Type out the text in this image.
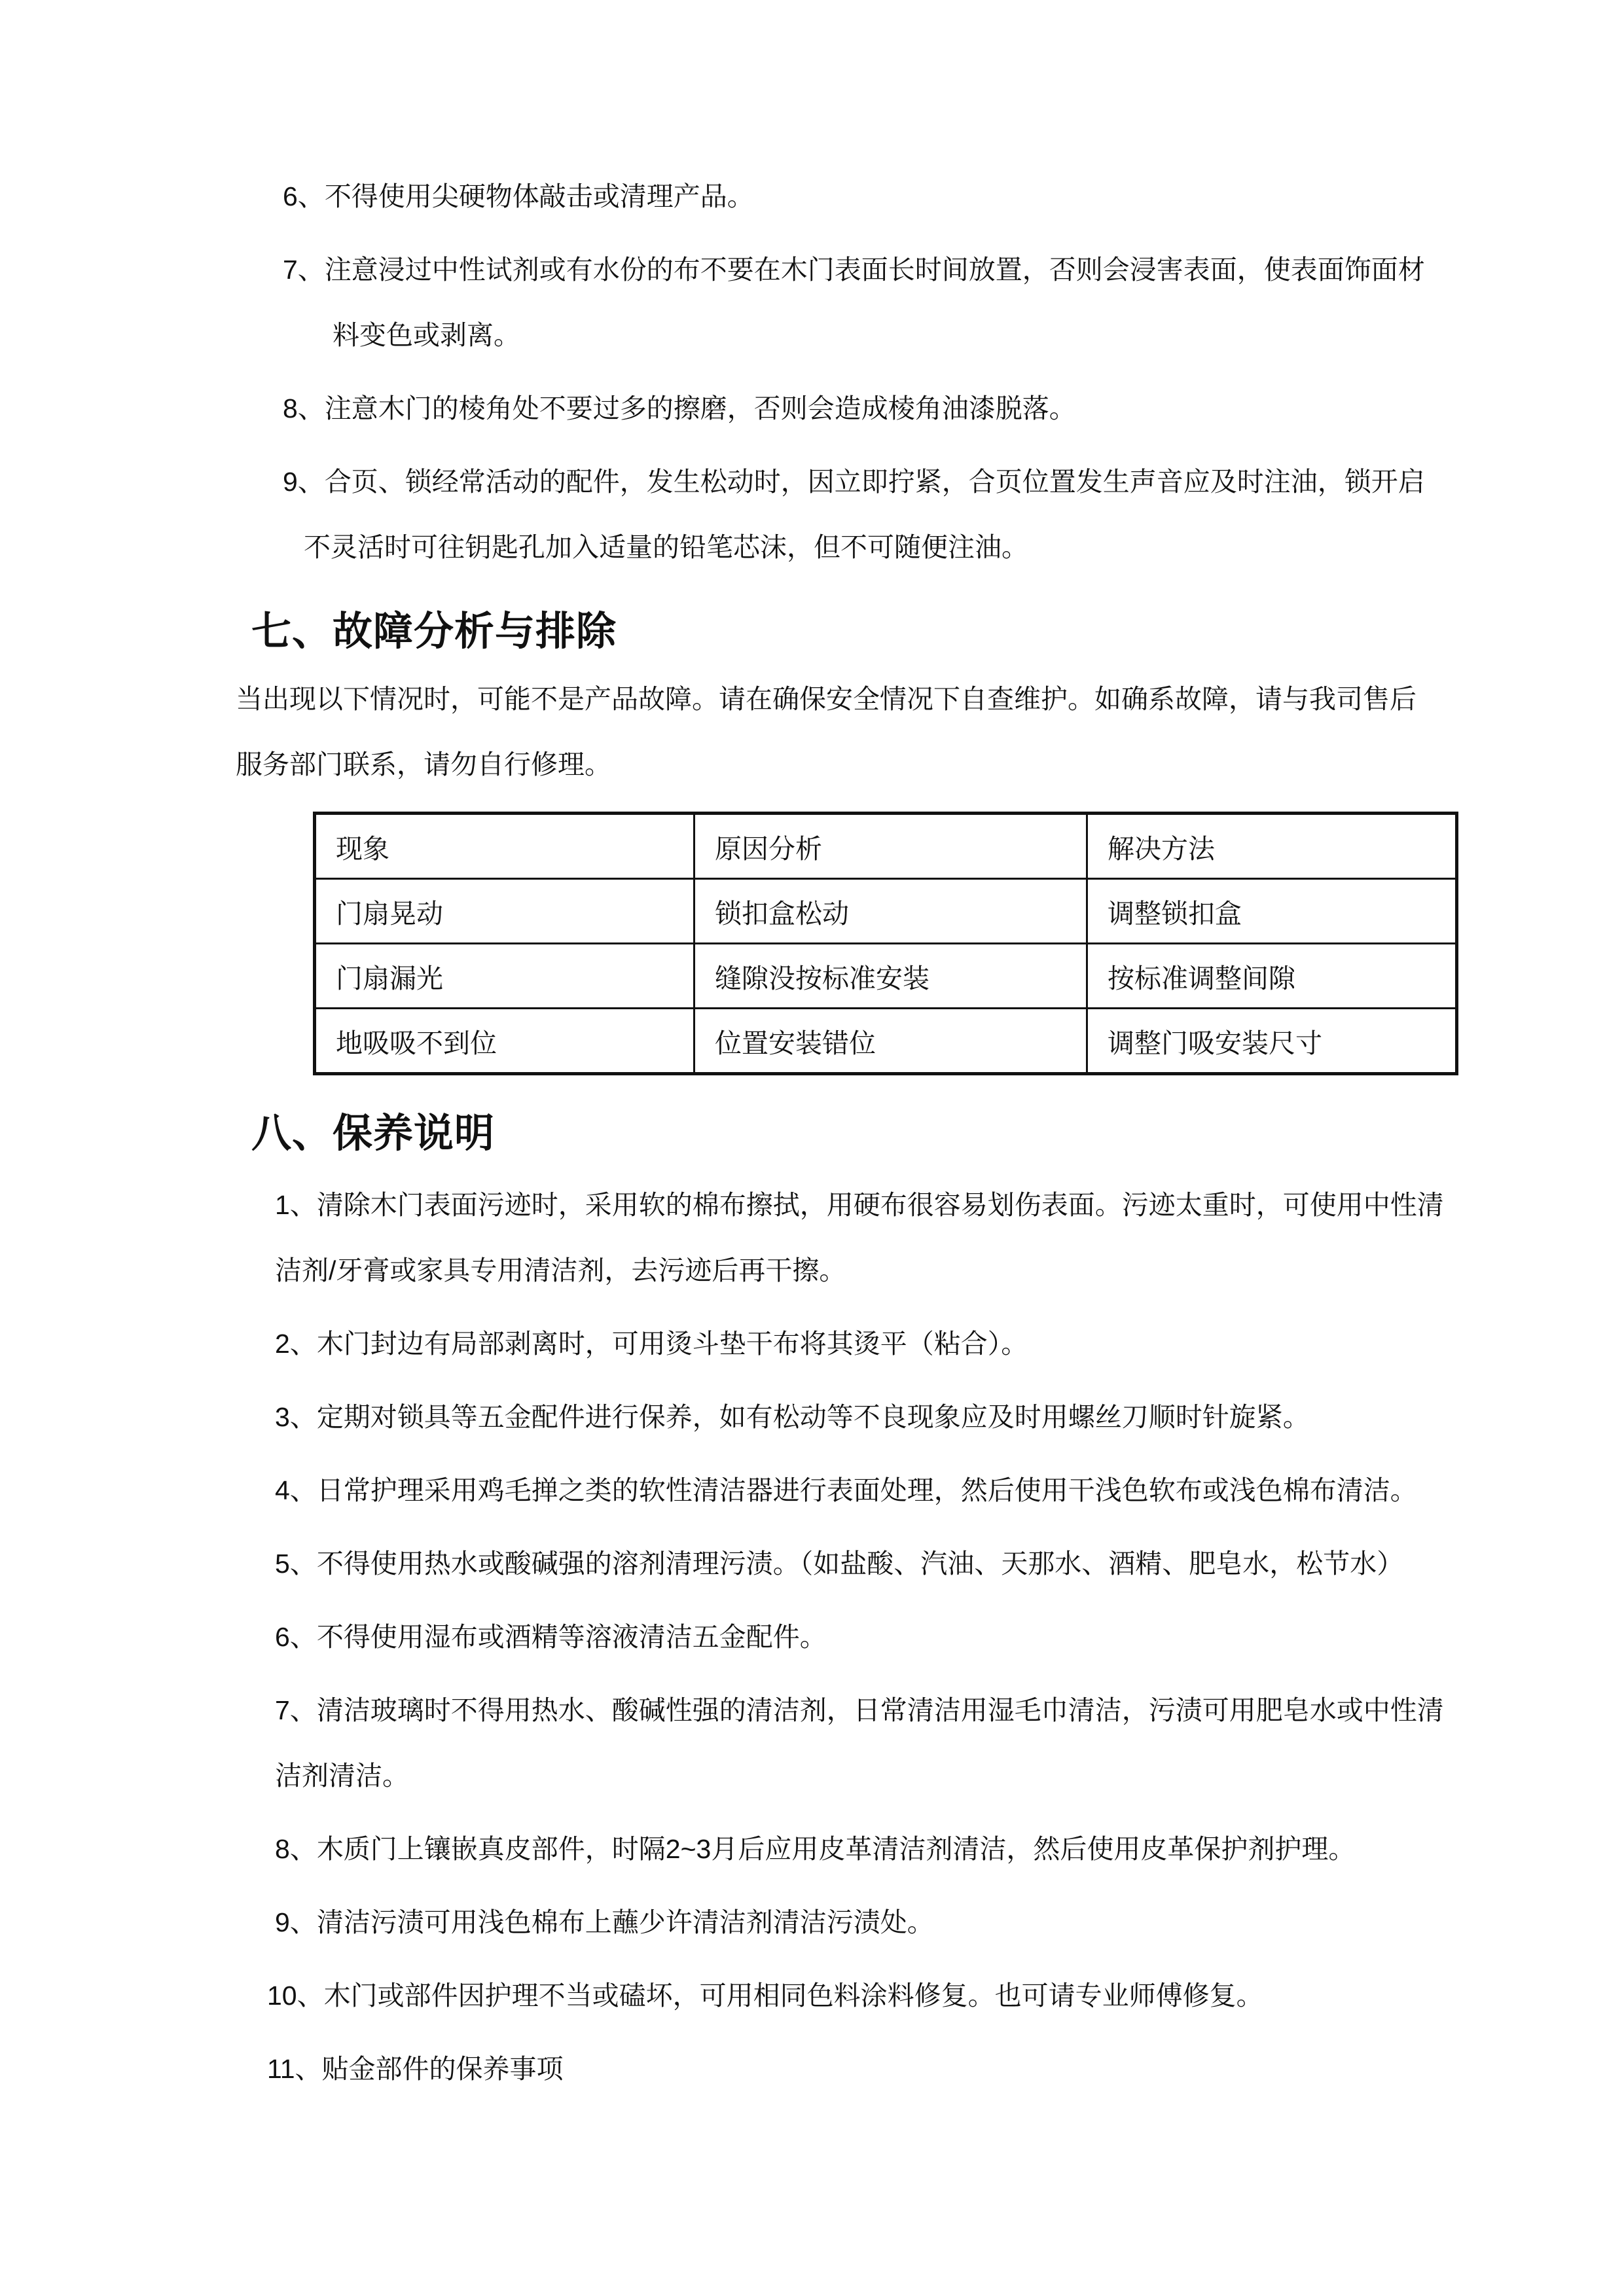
6、不得使用尖硬物体敲击或清理产品。
7、注意浸过中性试剂或有水份的布不要在木门表面长时间放置，否则会浸害表面，使表面饰面材
料变色或剥离。
8、注意木门的棱角处不要过多的擦磨，否则会造成棱角油漆脱落。
9、合页、锁经常活动的配件，发生松动时，因立即拧紧，合页位置发生声音应及时注油，锁开启
不灵活时可往钥匙孔加入适量的铅笔芯沫，但不可随便注油。
七、故障分析与排除
当出现以下情况时，可能不是产品故障。请在确保安全情况下自查维护。如确系故障，请与我司售后
服务部门联系，请勿自行修理。
现象	原因分析	解决方法
门扇晃动	锁扣盒松动	调整锁扣盒
门扇漏光	缝隙没按标准安装	按标准调整间隙
地吸吸不到位	位置安装错位	调整门吸安装尺寸
八、保养说明
1、清除木门表面污迹时，采用软的棉布擦拭，用硬布很容易划伤表面。污迹太重时，可使用中性清
洁剂/牙膏或家具专用清洁剂，去污迹后再干擦。
2、木门封边有局部剥离时，可用烫斗垫干布将其烫平（粘合）。
3、定期对锁具等五金配件进行保养，如有松动等不良现象应及时用螺丝刀顺时针旋紧。
4、日常护理采用鸡毛掸之类的软性清洁器进行表面处理，然后使用干浅色软布或浅色棉布清洁。
5、不得使用热水或酸碱强的溶剂清理污渍。（如盐酸、汽油、天那水、酒精、肥皂水，松节水）
6、不得使用湿布或酒精等溶液清洁五金配件。
7、清洁玻璃时不得用热水、酸碱性强的清洁剂，日常清洁用湿毛巾清洁，污渍可用肥皂水或中性清
洁剂清洁。
8、木质门上镶嵌真皮部件，时隔2~3月后应用皮革清洁剂清洁，然后使用皮革保护剂护理。
9、清洁污渍可用浅色棉布上蘸少许清洁剂清洁污渍处。
10、木门或部件因护理不当或磕坏，可用相同色料涂料修复。也可请专业师傅修复。
11、贴金部件的保养事项
